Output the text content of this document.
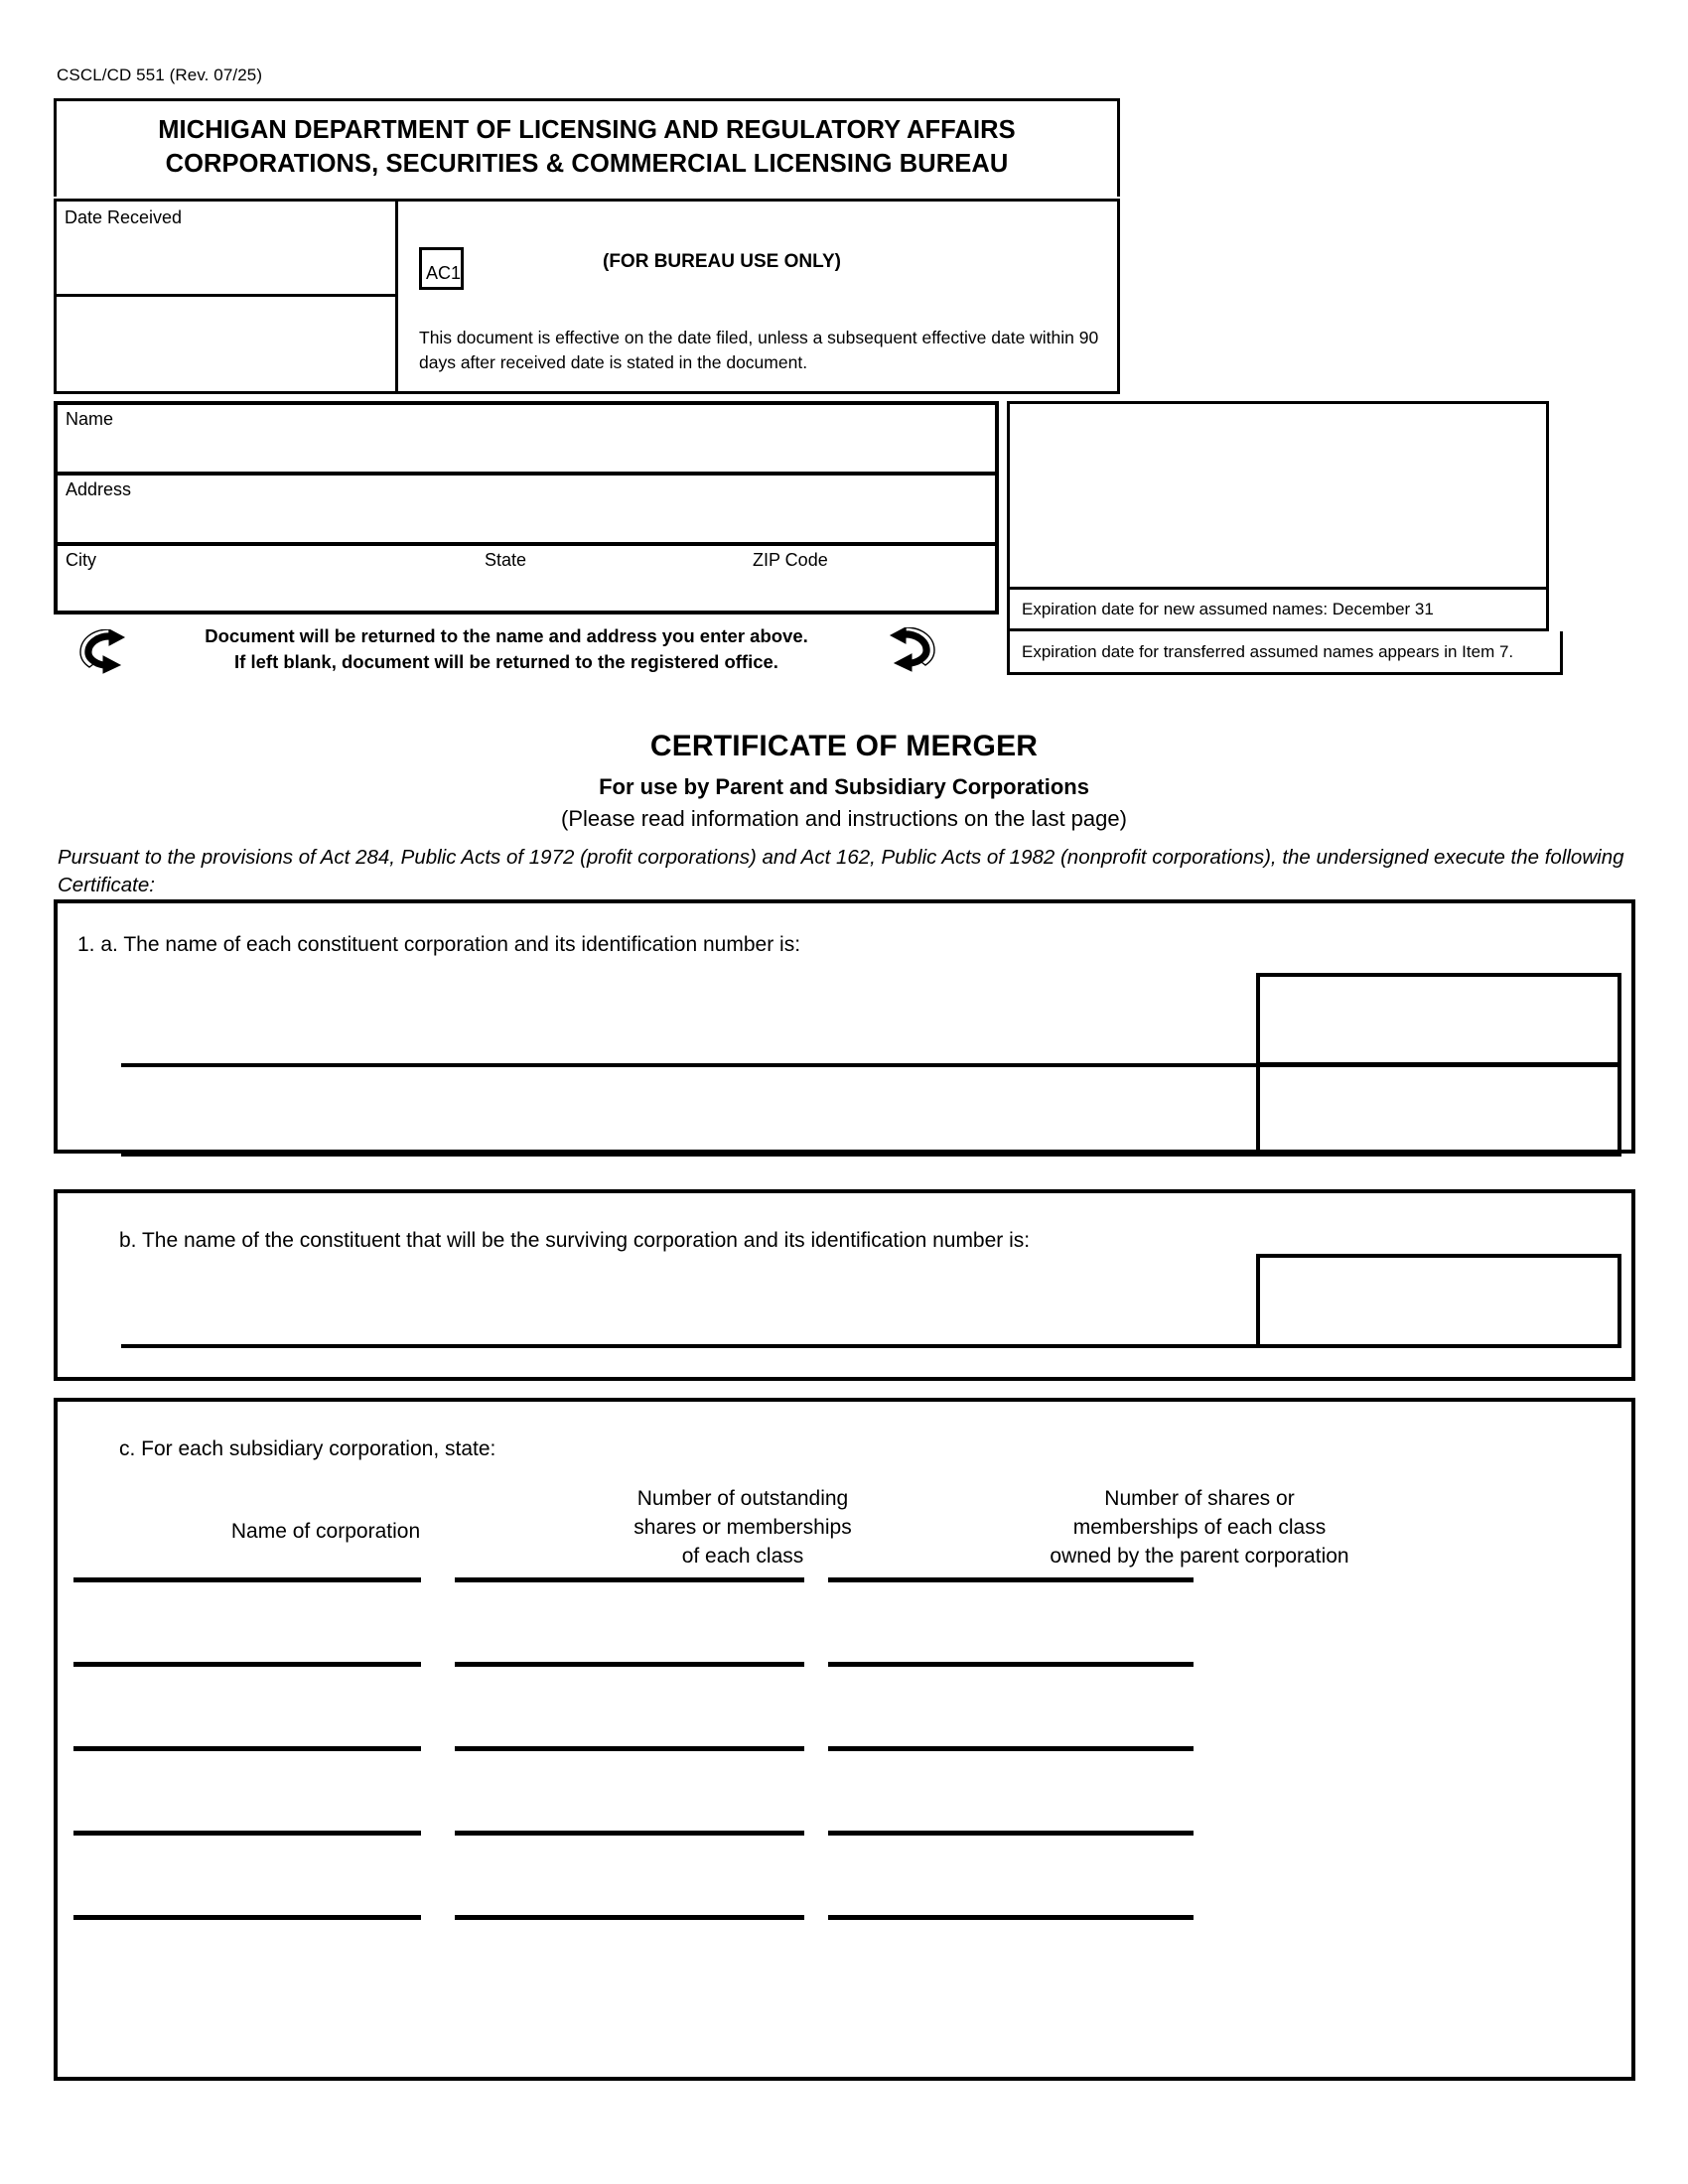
CSCL/CD 551 (Rev. 07/25)
MICHIGAN DEPARTMENT OF LICENSING AND REGULATORY AFFAIRS
CORPORATIONS, SECURITIES & COMMERCIAL LICENSING BUREAU
Date Received
AC1
(FOR BUREAU USE ONLY)
This document is effective on the date filed, unless a subsequent effective date within 90 days after received date is stated in the document.
Name
Address
City	State	ZIP Code
Document will be returned to the name and address you enter above.
If left blank, document will be returned to the registered office.
Expiration date for new assumed names: December 31
Expiration date for transferred assumed names appears in Item 7.
CERTIFICATE OF MERGER
For use by Parent and Subsidiary Corporations
(Please read information and instructions on the last page)
Pursuant to the provisions of Act 284, Public Acts of 1972 (profit corporations) and Act 162, Public Acts of 1982 (nonprofit corporations), the undersigned execute the following Certificate:
1. a. The name of each constituent corporation and its identification number is:
b. The name of the constituent that will be the surviving corporation and its identification number is:
c. For each subsidiary corporation, state:
Name of corporation
Number of outstanding
shares or memberships
of each class
Number of shares or
memberships of each class
owned by the parent corporation
